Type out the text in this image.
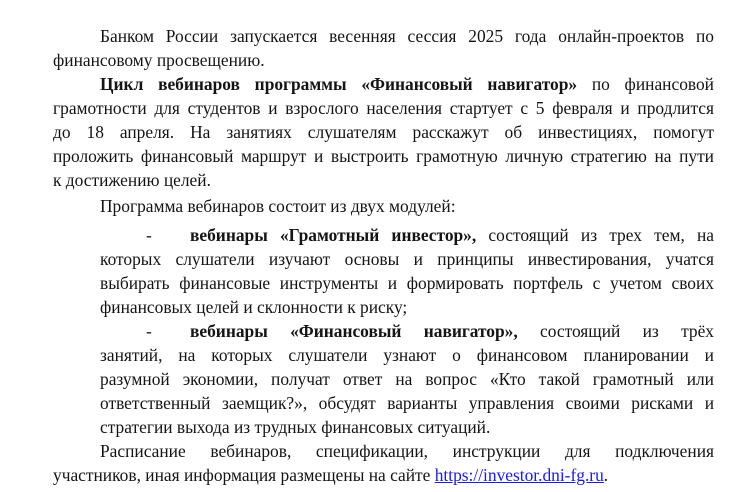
Банком России запускается весенняя сессия 2025 года онлайн-проектов по
финансовому просвещению.
Цикл вебинаров программы «Финансовый навигатор» по финансовой
грамотности для студентов и взрослого населения стартует с 5 февраля и продлится
до 18 апреля. На занятиях слушателям расскажут об инвестициях, помогут
проложить финансовый маршрут и выстроить грамотную личную стратегию на пути
к достижению целей.
Программа вебинаров состоит из двух модулей:
- вебинары «Грамотный инвестор», состоящий из трех тем, на
которых слушатели изучают основы и принципы инвестирования, учатся
выбирать финансовые инструменты и формировать портфель с учетом своих
финансовых целей и склонности к риску;
- вебинары «Финансовый навигатор», состоящий из трёх
занятий, на которых слушатели узнают о финансовом планировании и
разумной экономии, получат ответ на вопрос «Кто такой грамотный или
ответственный заемщик?», обсудят варианты управления своими рисками и
стратегии выхода из трудных финансовых ситуаций.
Расписание вебинаров, спецификации, инструкции для подключения
участников, иная информация размещены на сайте https://investor.dni-fg.ru.
